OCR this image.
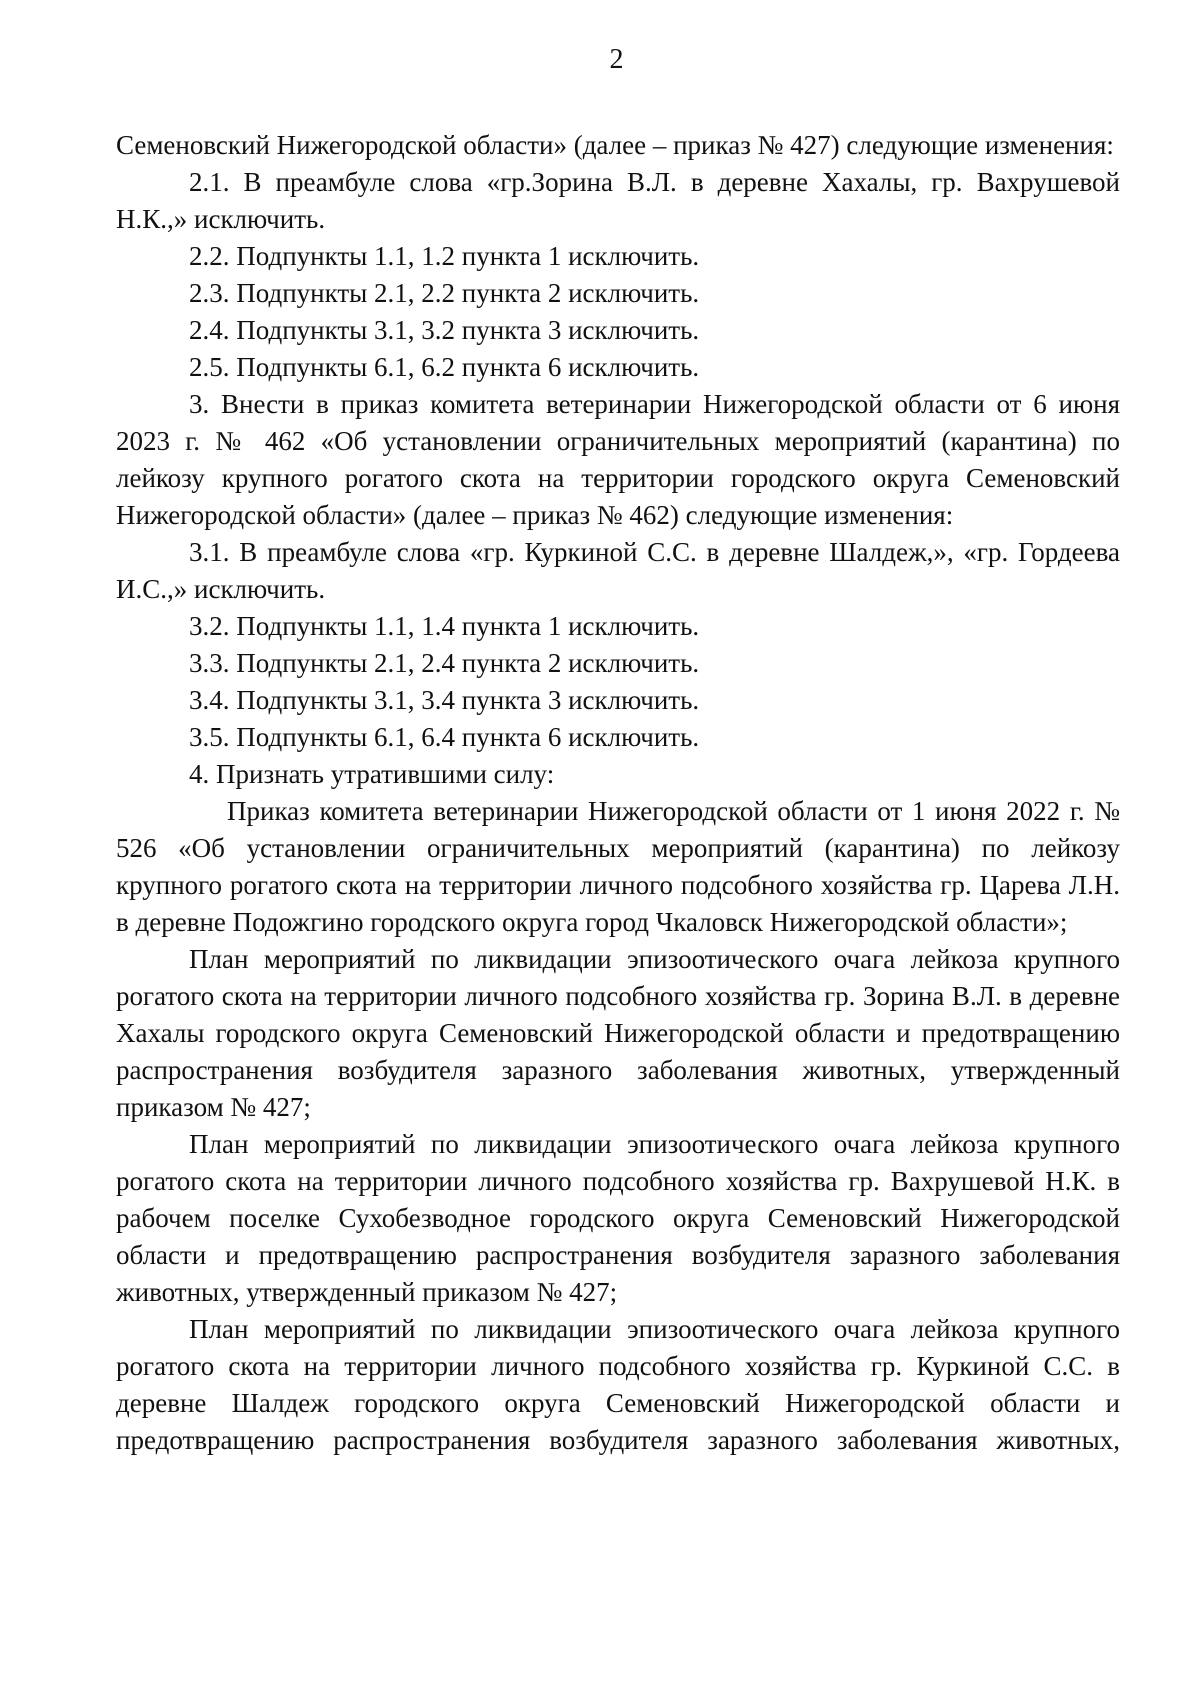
2

Семеновский Нижегородской области» (далее – приказ № 427) следующие изменения:

2.1. В преамбуле слова «гр.Зорина В.Л. в деревне Хахалы, гр. Вахрушевой Н.К.,» исключить.

2.2. Подпункты 1.1, 1.2 пункта 1 исключить.

2.3. Подпункты 2.1, 2.2 пункта 2 исключить.

2.4. Подпункты 3.1, 3.2 пункта 3 исключить.

2.5. Подпункты 6.1, 6.2 пункта 6 исключить.

3. Внести в приказ комитета ветеринарии Нижегородской области от 6 июня 2023 г. № 462 «Об установлении ограничительных мероприятий (карантина) по лейкозу крупного рогатого скота на территории городского округа Семеновский Нижегородской области» (далее – приказ № 462) следующие изменения:

3.1. В преамбуле слова «гр. Куркиной С.С. в деревне Шалдеж,», «гр. Гордеева И.С.,» исключить.

3.2. Подпункты 1.1, 1.4 пункта 1 исключить.

3.3. Подпункты 2.1, 2.4 пункта 2 исключить.

3.4. Подпункты 3.1, 3.4 пункта 3 исключить.

3.5. Подпункты 6.1, 6.4 пункта 6 исключить.

4. Признать утратившими силу:

Приказ комитета ветеринарии Нижегородской области от 1 июня 2022 г. № 526 «Об установлении ограничительных мероприятий (карантина) по лейкозу крупного рогатого скота на территории личного подсобного хозяйства гр. Царева Л.Н. в деревне Подожгино городского округа город Чкаловск Нижегородской области»;

План мероприятий по ликвидации эпизоотического очага лейкоза крупного рогатого скота на территории личного подсобного хозяйства гр. Зорина В.Л. в деревне Хахалы городского округа Семеновский Нижегородской области и предотвращению распространения возбудителя заразного заболевания животных, утвержденный приказом № 427;

План мероприятий по ликвидации эпизоотического очага лейкоза крупного рогатого скота на территории личного подсобного хозяйства гр. Вахрушевой Н.К. в рабочем поселке Сухобезводное городского округа Семеновский Нижегородской области и предотвращению распространения возбудителя заразного заболевания животных, утвержденный приказом № 427;

План мероприятий по ликвидации эпизоотического очага лейкоза крупного рогатого скота на территории личного подсобного хозяйства гр. Куркиной С.С. в деревне Шалдеж городского округа Семеновский Нижегородской области и предотвращению распространения возбудителя заразного заболевания животных,
